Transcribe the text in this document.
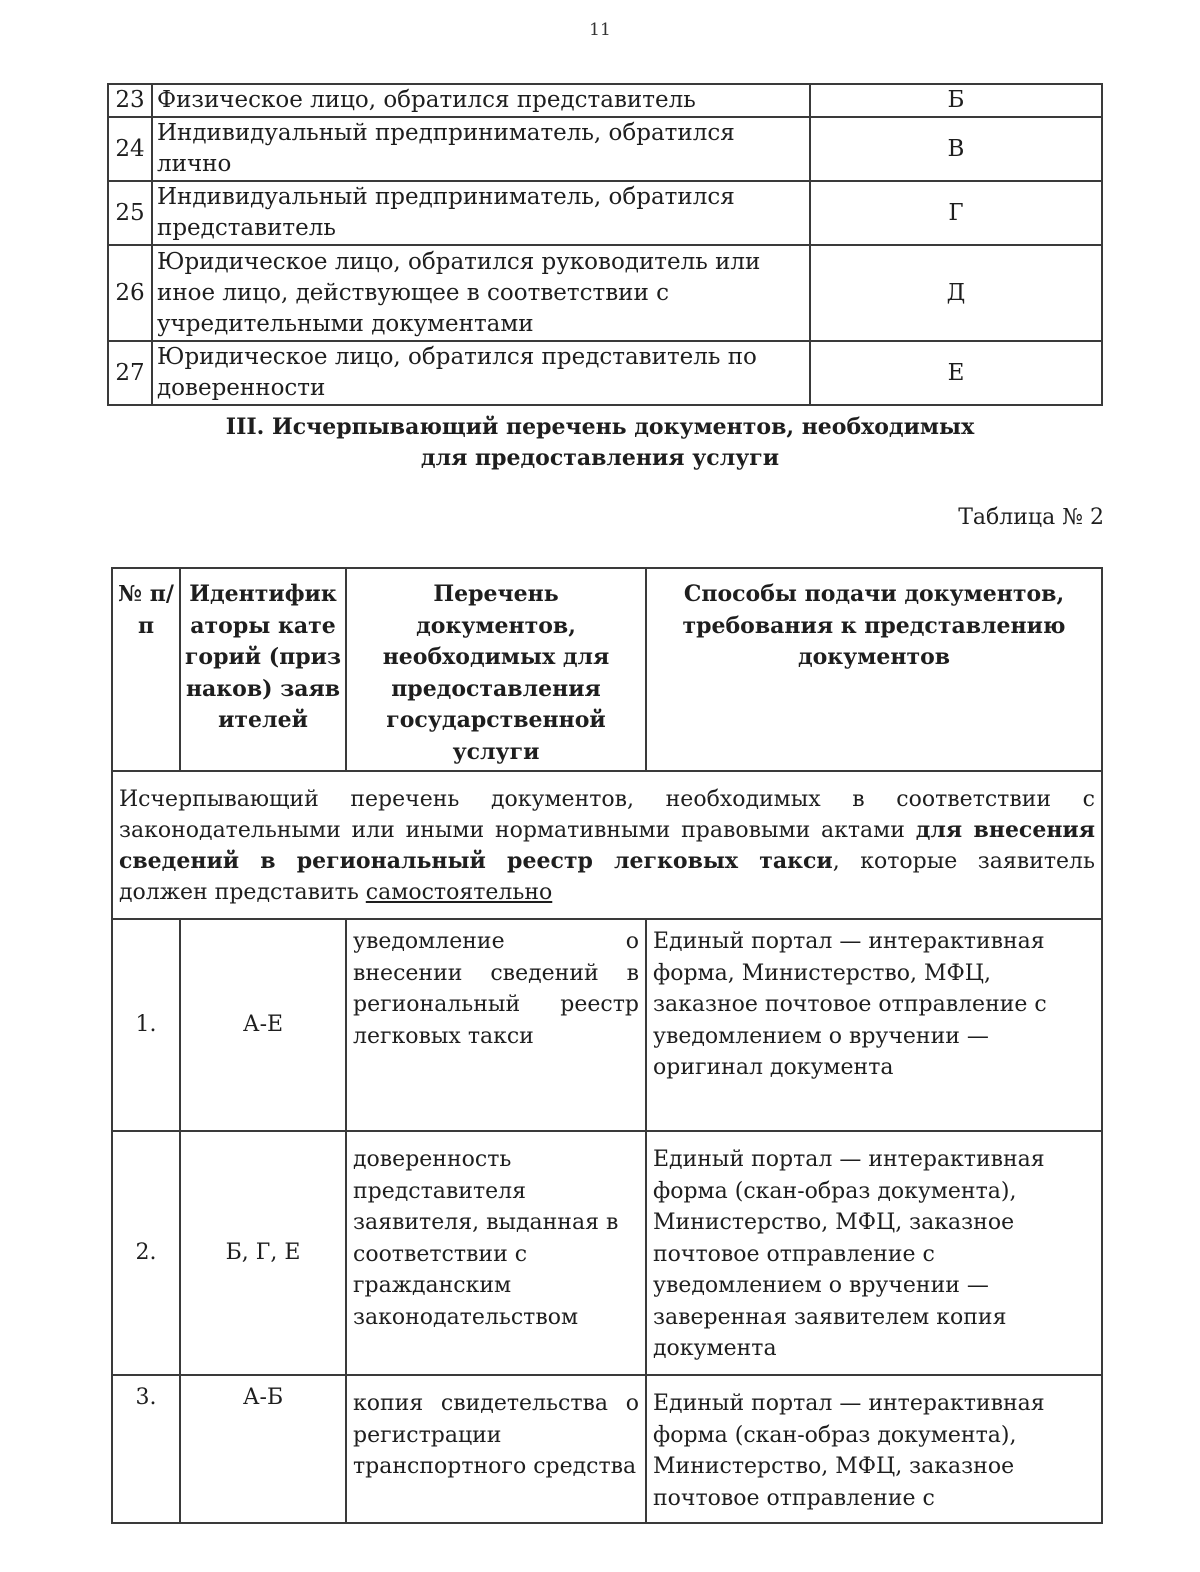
11
23	Физическое лицо, обратился представитель	Б
24	Индивидуальный предприниматель, обратился лично	В
25	Индивидуальный предприниматель, обратился представитель	Г
26	Юридическое лицо, обратился руководитель или иное лицо, действующее в соответствии с учредительными документами	Д
27	Юридическое лицо, обратился представитель по доверенности	Е
III. Исчерпывающий перечень документов, необходимых
для предоставления услуги
Таблица № 2
№ п/п	Идентификаторы категорий (признаков) заявителей	Перечень документов, необходимых для предоставления государственной услуги	Способы подачи документов, требования к представлению документов
Исчерпывающий перечень документов, необходимых в соответствии с законодательными или иными нормативными правовыми актами для внесения сведений в региональный реестр легковых такси, которые заявитель должен представить самостоятельно			
1.	А-Е	уведомление о внесении сведений в региональный реестр легковых такси	Единый портал — интерактивная форма, Министерство, МФЦ, заказное почтовое отправление с уведомлением о вручении — оригинал документа
2.	Б, Г, Е	доверенность представителя заявителя, выданная в соответствии с гражданским законодательством	Единый портал — интерактивная форма (скан-образ документа), Министерство, МФЦ, заказное почтовое отправление с уведомлением о вручении — заверенная заявителем копия документа
3.	А-Б	копия свидетельства о регистрации транспортного средства	Единый портал — интерактивная форма (скан-образ документа), Министерство, МФЦ, заказное почтовое отправление с
